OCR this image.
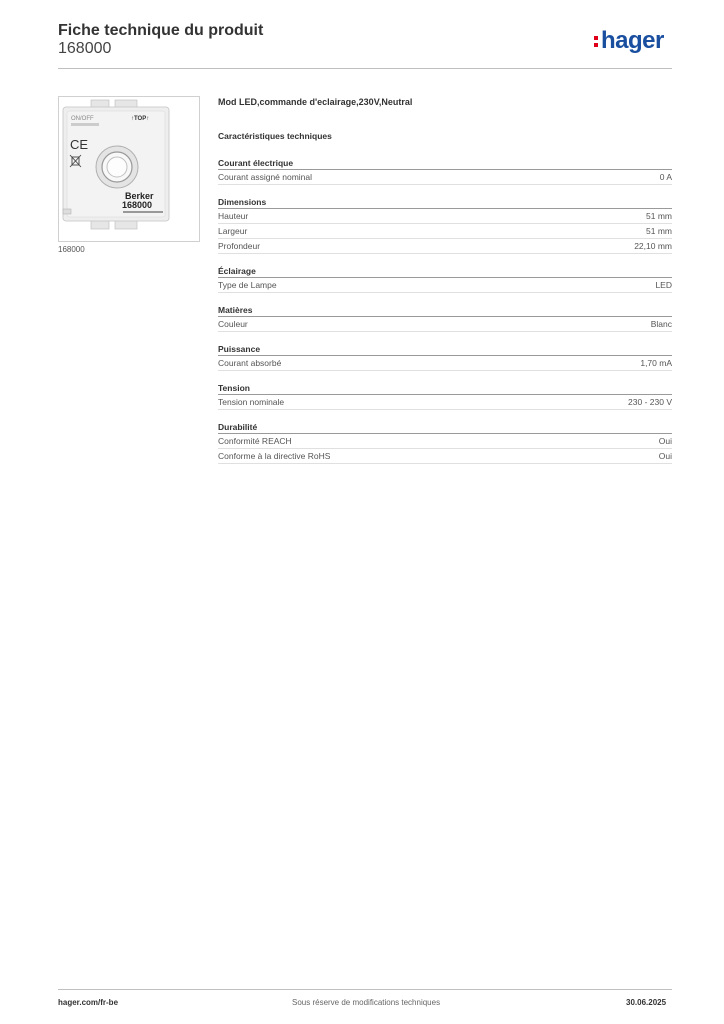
Fiche technique du produit
168000	hager
ON/OFF	↑TOP↑
CE
Berker
168000
168000
Mod LED,commande d'eclairage,230V,Neutral
Caractéristiques techniques
Courant électrique
Courant assigné nominal	0 A
Dimensions
Hauteur	51 mm
Largeur	51 mm
Profondeur	22,10 mm
Éclairage
Type de Lampe	LED
Matières
Couleur	Blanc
Puissance
Courant absorbé	1,70 mA
Tension
Tension nominale	230 - 230 V
Durabilité
Conformité REACH	Oui
Conforme à la directive RoHS	Oui
hager.com/fr-be	Sous réserve de modifications techniques	30.06.2025
